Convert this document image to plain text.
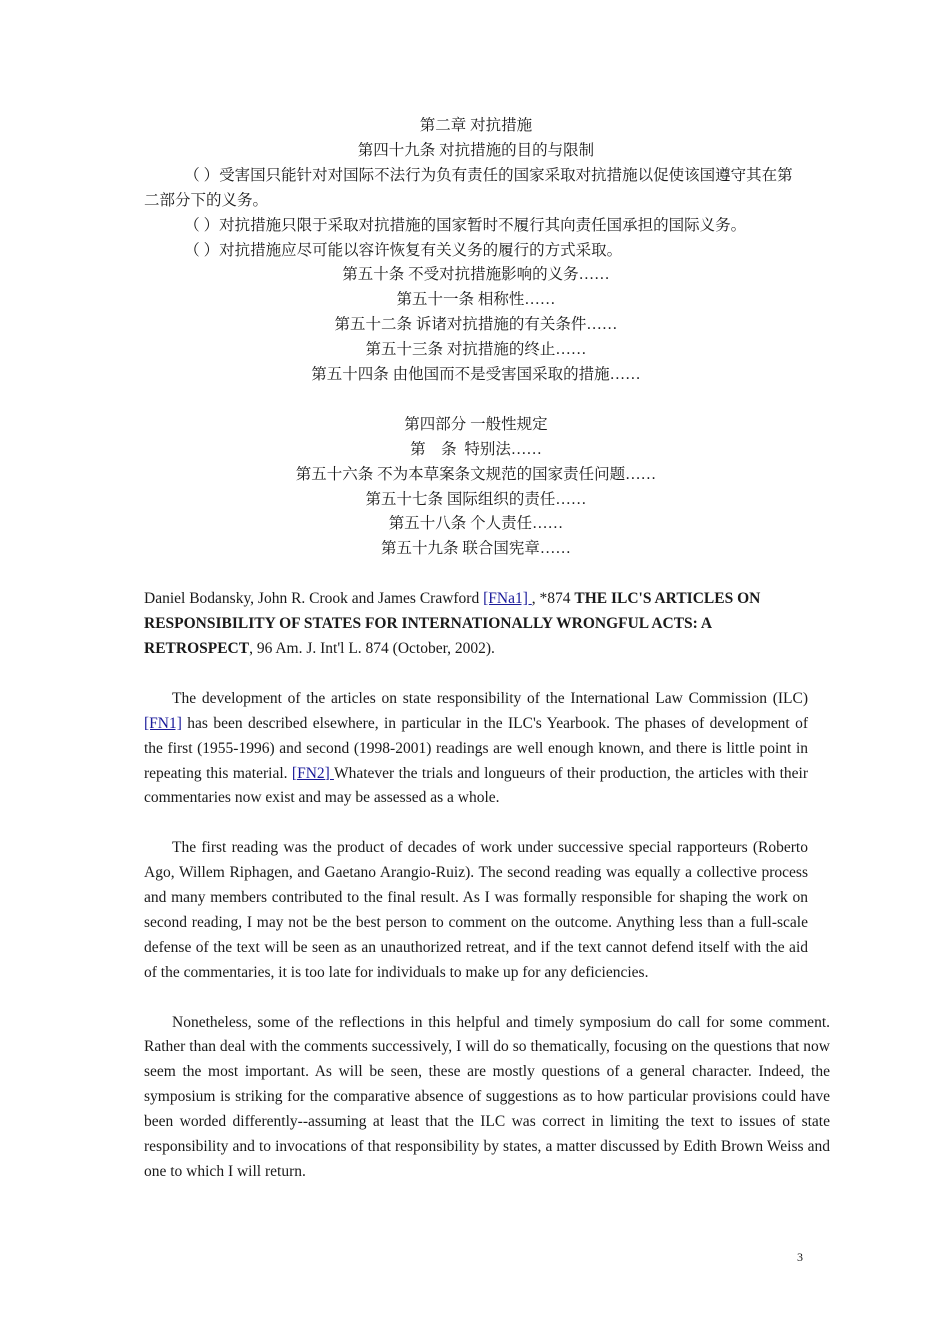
第二章 对抗措施
第四十九条 对抗措施的目的与限制
（ ）受害国只能针对对国际不法行为负有责任的国家采取对抗措施以促使该国遵守其在第二部分下的义务。
（ ）对抗措施只限于采取对抗措施的国家暂时不履行其向责任国承担的国际义务。
（ ）对抗措施应尽可能以容许恢复有关义务的履行的方式采取。
第五十条 不受对抗措施影响的义务……
第五十一条 相称性……
第五十二条 诉诸对抗措施的有关条件……
第五十三条 对抗措施的终止……
第五十四条 由他国而不是受害国采取的措施……
第四部分 一般性规定
第    条  特别法……
第五十六条 不为本草案条文规范的国家责任问题……
第五十七条 国际组织的责任……
第五十八条 个人责任……
第五十九条 联合国宪章……
Daniel Bodansky, John R. Crook and James Crawford [FNa1] , *874 THE ILC'S ARTICLES ON RESPONSIBILITY OF STATES FOR INTERNATIONALLY WRONGFUL ACTS: A RETROSPECT, 96 Am. J. Int'l L. 874 (October, 2002).
The development of the articles on state responsibility of the International Law Commission (ILC) [FN1] has been described elsewhere, in particular in the ILC's Yearbook. The phases of development of the first (1955-1996) and second (1998-2001) readings are well enough known, and there is little point in repeating this material. [FN2] Whatever the trials and longueurs of their production, the articles with their commentaries now exist and may be assessed as a whole.
The first reading was the product of decades of work under successive special rapporteurs (Roberto Ago, Willem Riphagen, and Gaetano Arangio-Ruiz). The second reading was equally a collective process and many members contributed to the final result. As I was formally responsible for shaping the work on second reading, I may not be the best person to comment on the outcome. Anything less than a full-scale defense of the text will be seen as an unauthorized retreat, and if the text cannot defend itself with the aid of the commentaries, it is too late for individuals to make up for any deficiencies.
Nonetheless, some of the reflections in this helpful and timely symposium do call for some comment. Rather than deal with the comments successively, I will do so thematically, focusing on the questions that now seem the most important. As will be seen, these are mostly questions of a general character. Indeed, the symposium is striking for the comparative absence of suggestions as to how particular provisions could have been worded differently--assuming at least that the ILC was correct in limiting the text to issues of state responsibility and to invocations of that responsibility by states, a matter discussed by Edith Brown Weiss and one to which I will return.
3
